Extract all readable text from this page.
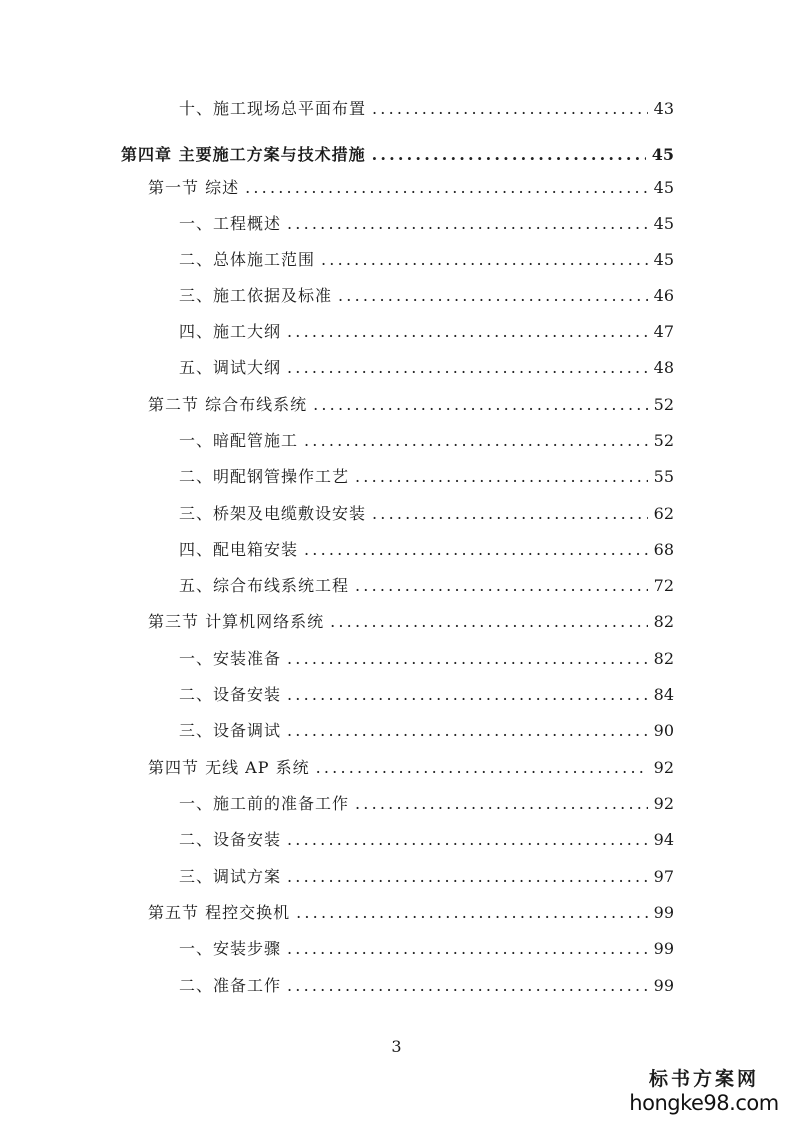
十、施工现场总平面布置 .....	43
第四章 主要施工方案与技术措施 .....	45
第一节 综述 .....	45
一、工程概述 .....	45
二、总体施工范围 .....	45
三、施工依据及标准 .....	46
四、施工大纲 .....	47
五、调试大纲 .....	48
第二节 综合布线系统 .....	52
一、暗配管施工 .....	52
二、明配钢管操作工艺 .....	55
三、桥架及电缆敷设安装 .....	62
四、配电箱安装 .....	68
五、综合布线系统工程 .....	72
第三节 计算机网络系统 .....	82
一、安装准备 .....	82
二、设备安装 .....	84
三、设备调试 .....	90
第四节 无线 AP 系统 .....	92
一、施工前的准备工作 .....	92
二、设备安装 .....	94
三、调试方案 .....	97
第五节 程控交换机 .....	99
一、安装步骤 .....	99
二、准备工作 .....	99
3
标书方案网
hongke98.com
